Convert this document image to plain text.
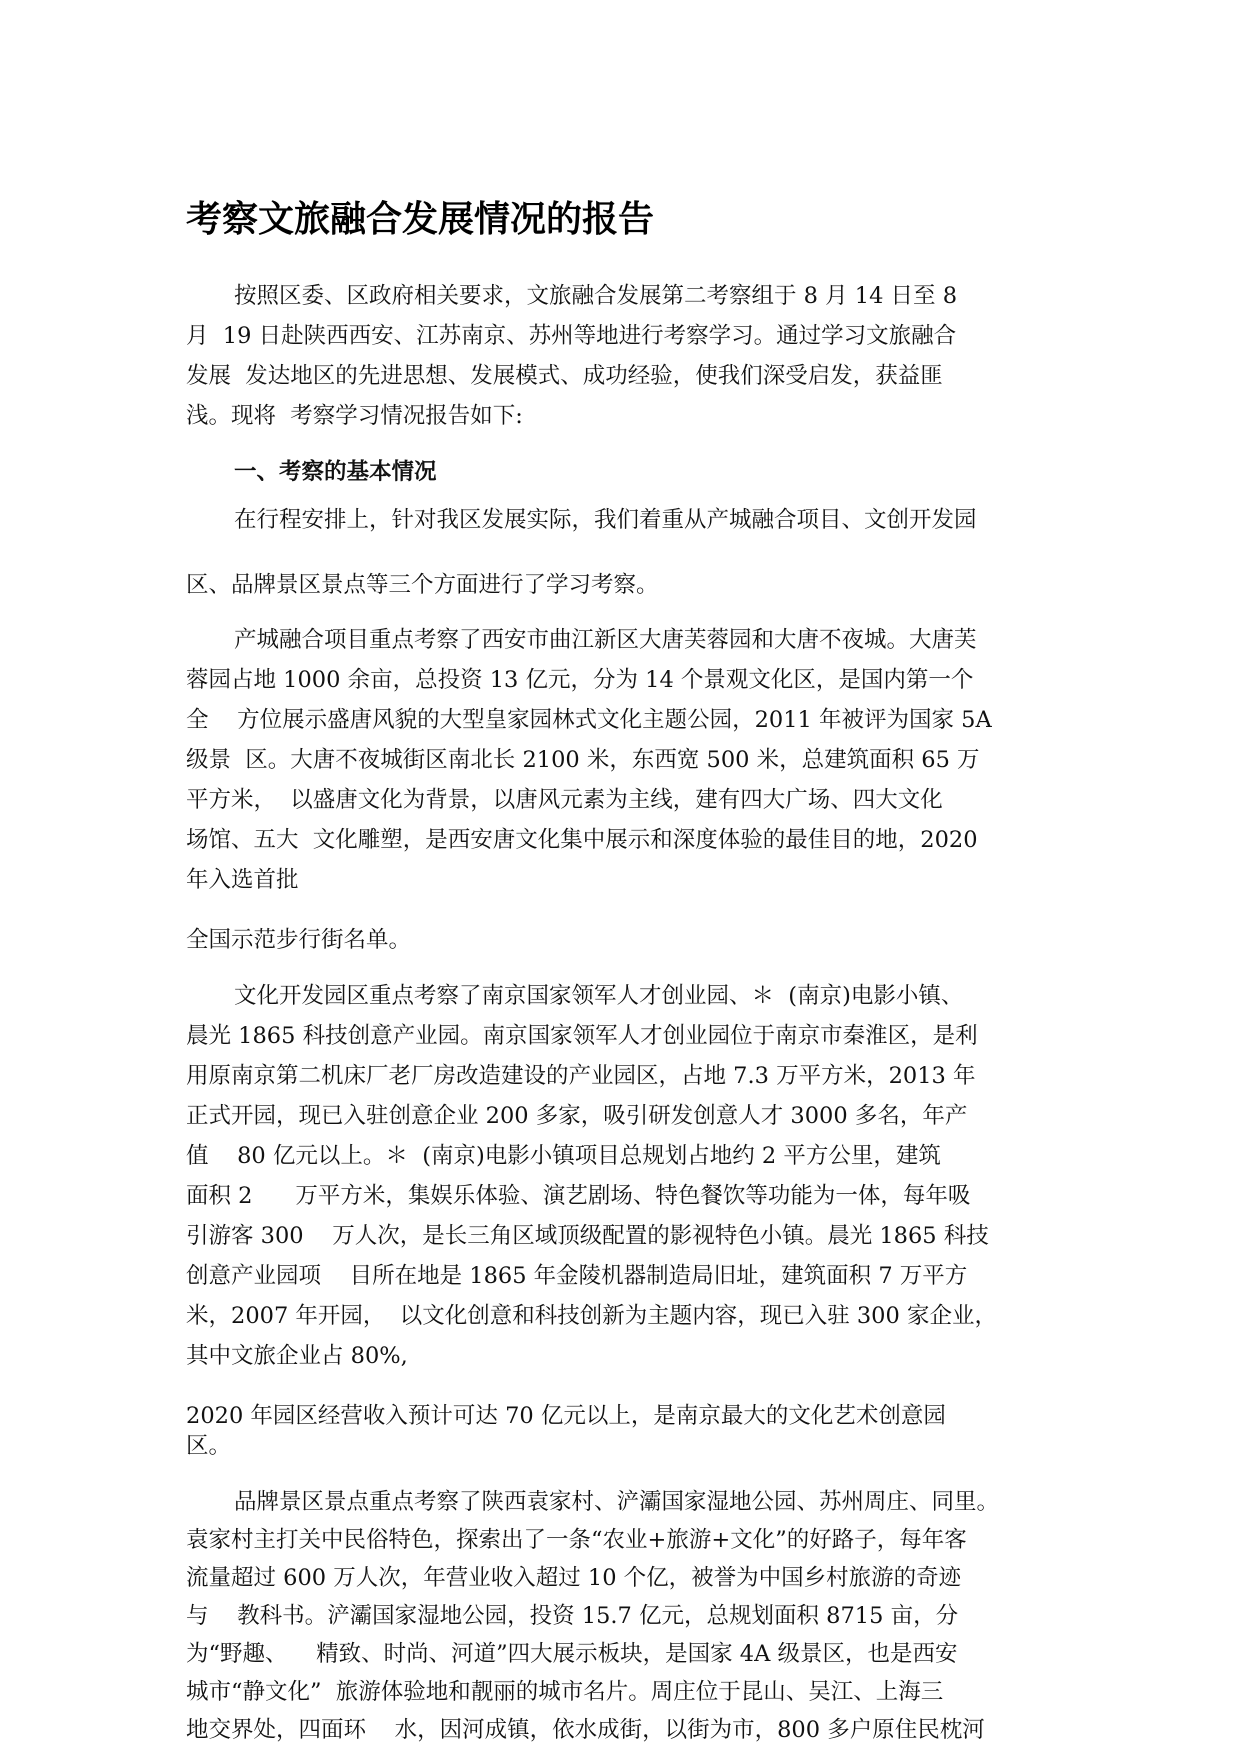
考察文旅融合发展情况的报告
按照区委、区政府相关要求，文旅融合发展第二考察组于 8 月 14 日至 8
月  19 日赴陕西西安、江苏南京、苏州等地进行考察学习。通过学习文旅融合
发展  发达地区的先进思想、发展模式、成功经验，使我们深受启发，获益匪
浅。现将  考察学习情况报告如下:
一、考察的基本情况
在行程安排上，针对我区发展实际，我们着重从产城融合项目、文创开发园
区、品牌景区景点等三个方面进行了学习考察。
产城融合项目重点考察了西安市曲江新区大唐芙蓉园和大唐不夜城。大唐芙
蓉园占地 1000 余亩，总投资 13 亿元，分为 14 个景观文化区，是国内第一个
全    方位展示盛唐风貌的大型皇家园林式文化主题公园，2011 年被评为国家 5A
级景  区。大唐不夜城街区南北长 2100 米，东西宽 500 米，总建筑面积 65 万
平方米，  以盛唐文化为背景，以唐风元素为主线，建有四大广场、四大文化
场馆、五大  文化雕塑，是西安唐文化集中展示和深度体验的最佳目的地，2020
年入选首批
全国示范步行街名单。
文化开发园区重点考察了南京国家领军人才创业园、＊  (南京)电影小镇、
晨光 1865 科技创意产业园。南京国家领军人才创业园位于南京市秦淮区，是利
用原南京第二机床厂老厂房改造建设的产业园区，占地 7.3 万平方米，2013 年
正式开园，现已入驻创意企业 200 多家，吸引研发创意人才 3000 多名，年产
值    80 亿元以上。＊  (南京)电影小镇项目总规划占地约 2 平方公里，建筑
面积 2      万平方米，集娱乐体验、演艺剧场、特色餐饮等功能为一体，每年吸
引游客 300    万人次，是长三角区域顶级配置的影视特色小镇。晨光 1865 科技
创意产业园项    目所在地是 1865 年金陵机器制造局旧址，建筑面积 7 万平方
米，2007 年开园，  以文化创意和科技创新为主题内容，现已入驻 300 家企业，
其中文旅企业占 80%,
2020 年园区经营收入预计可达 70 亿元以上，是南京最大的文化艺术创意园
区。
品牌景区景点重点考察了陕西袁家村、浐灞国家湿地公园、苏州周庄、同里。
袁家村主打关中民俗特色，探索出了一条“农业+旅游+文化”的好路子，每年客
流量超过 600 万人次，年营业收入超过 10 个亿，被誉为中国乡村旅游的奇迹
与    教科书。浐灞国家湿地公园，投资 15.7 亿元，总规划面积 8715 亩，分
为“野趣、    精致、时尚、河道”四大展示板块，是国家 4A 级景区，也是西安
城市“静文化”  旅游体验地和靓丽的城市名片。周庄位于昆山、吴江、上海三
地交界处，四面环    水，因河成镇，依水成街，以街为市，800 多户原住民枕河
